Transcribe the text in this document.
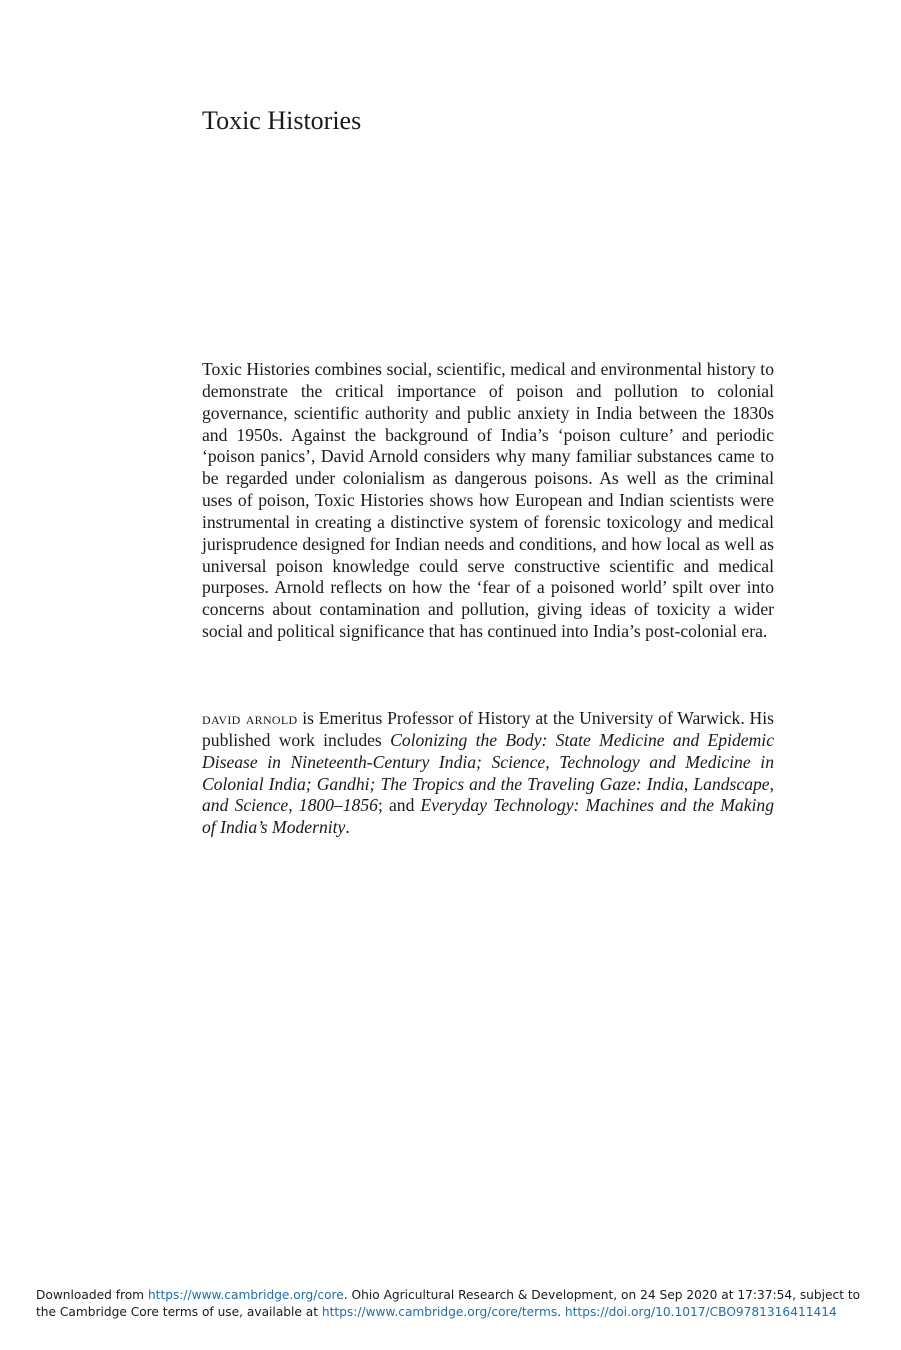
Toxic Histories

Toxic Histories combines social, scientific, medical and environmental history to demonstrate the critical importance of poison and pollution to colonial governance, scientific authority and public anxiety in India between the 1830s and 1950s. Against the background of India’s ‘poison culture’ and periodic ‘poison panics’, David Arnold considers why many familiar substances came to be regarded under colonialism as dangerous poisons. As well as the criminal uses of poison, Toxic Histories shows how European and Indian scientists were instrumental in creating a distinctive system of forensic toxicology and medical jurisprudence designed for Indian needs and conditions, and how local as well as universal poison knowledge could serve constructive scientific and medical purposes. Arnold reflects on how the ‘fear of a poisoned world’ spilt over into concerns about contamination and pollution, giving ideas of toxicity a wider social and political significance that has continued into India’s post-colonial era.

david arnold is Emeritus Professor of History at the University of Warwick. His published work includes Colonizing the Body: State Medicine and Epidemic Disease in Nineteenth-Century India; Science, Technology and Medicine in Colonial India; Gandhi; The Tropics and the Traveling Gaze: India, Landscape, and Science, 1800–1856; and Everyday Technology: Machines and the Making of India’s Modernity.

Downloaded from https://www.cambridge.org/core. Ohio Agricultural Research & Development, on 24 Sep 2020 at 17:37:54, subject to the Cambridge Core terms of use, available at https://www.cambridge.org/core/terms. https://doi.org/10.1017/CBO9781316411414
